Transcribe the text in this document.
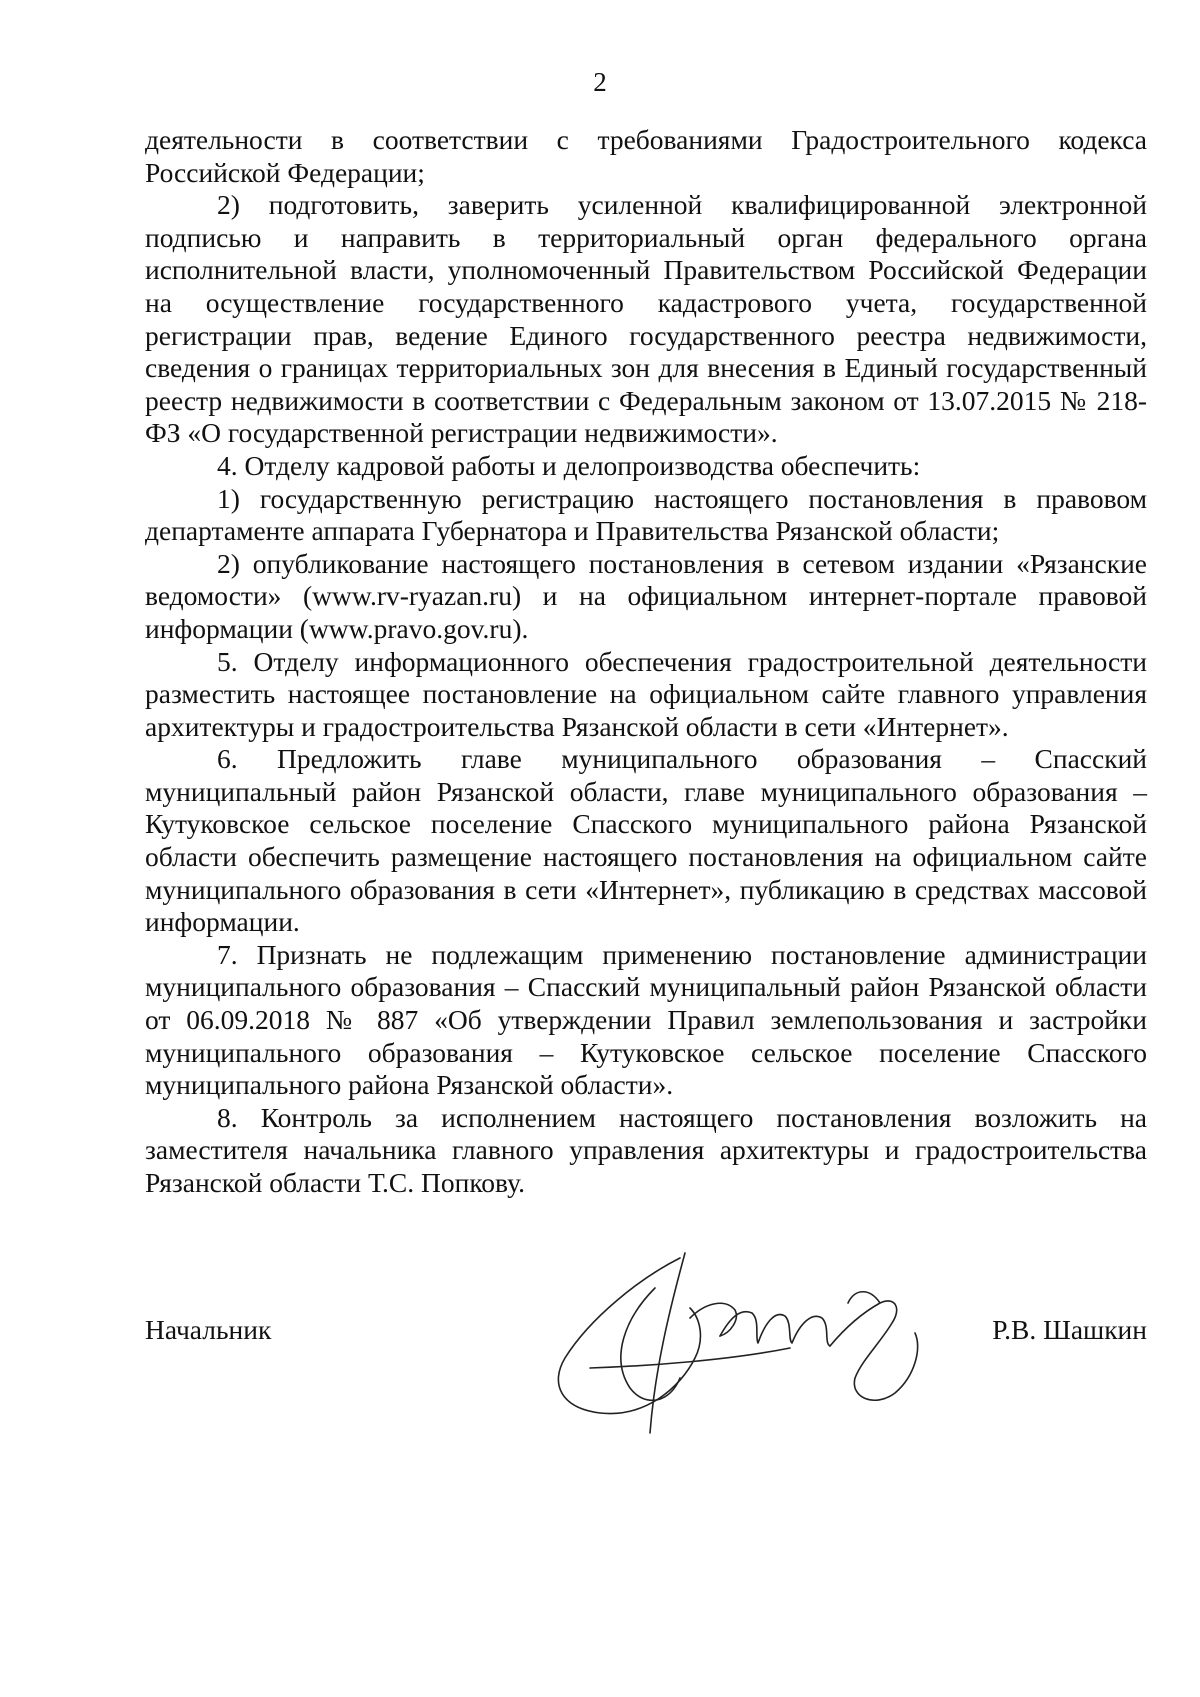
2

деятельности в соответствии с требованиями Градостроительного кодекса Российской Федерации;

2) подготовить, заверить усиленной квалифицированной электронной подписью и направить в территориальный орган федерального органа исполнительной власти, уполномоченный Правительством Российской Федерации на осуществление государственного кадастрового учета, государственной регистрации прав, ведение Единого государственного реестра недвижимости, сведения о границах территориальных зон для внесения в Единый государственный реестр недвижимости в соответствии с Федеральным законом от 13.07.2015 № 218-ФЗ «О государственной регистрации недвижимости».

4. Отделу кадровой работы и делопроизводства обеспечить:

1) государственную регистрацию настоящего постановления в правовом департаменте аппарата Губернатора и Правительства Рязанской области;

2) опубликование настоящего постановления в сетевом издании «Рязанские ведомости» (www.rv-ryazan.ru) и на официальном интернет-портале правовой информации (www.pravo.gov.ru).

5. Отделу информационного обеспечения градостроительной деятельности разместить настоящее постановление на официальном сайте главного управления архитектуры и градостроительства Рязанской области в сети «Интернет».

6. Предложить главе муниципального образования – Спасский муниципальный район Рязанской области, главе муниципального образования – Кутуковское сельское поселение Спасского муниципального района Рязанской области обеспечить размещение настоящего постановления на официальном сайте муниципального образования в сети «Интернет», публикацию в средствах массовой информации.

7. Признать не подлежащим применению постановление администрации муниципального образования – Спасский муниципальный район Рязанской области от 06.09.2018 № 887 «Об утверждении Правил землепользования и застройки муниципального образования – Кутуковское сельское поселение Спасского муниципального района Рязанской области».

8. Контроль за исполнением настоящего постановления возложить на заместителя начальника главного управления архитектуры и градостроительства Рязанской области Т.С. Попкову.

Начальник	Р.В. Шашкин
